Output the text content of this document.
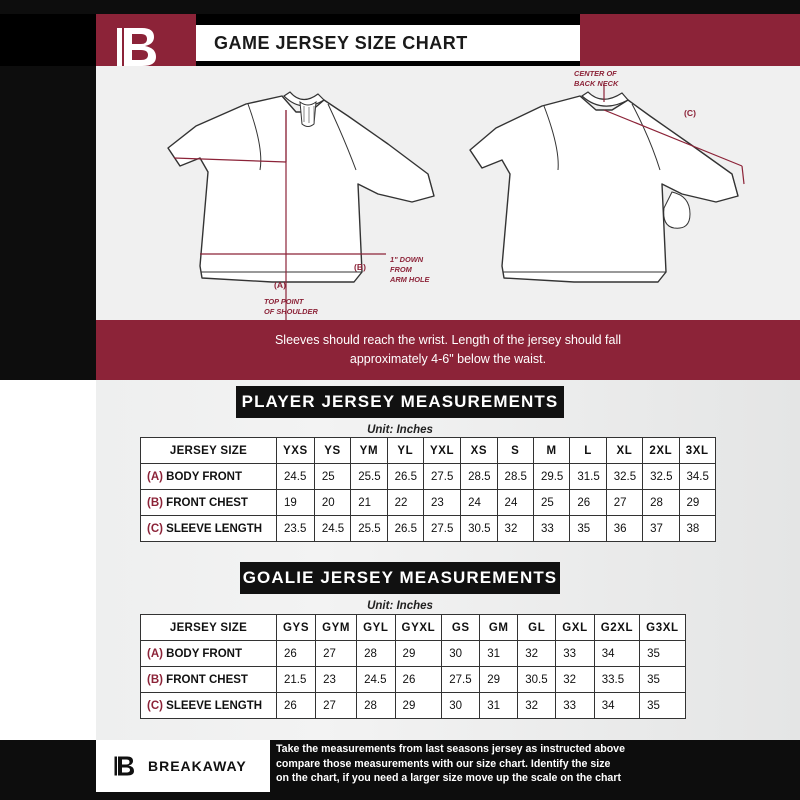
GAME JERSEY SIZE CHART
(A)
TOP POINT
OF SHOULDER
(B)
1" DOWN
FROM
ARM HOLE
CENTER OF
BACK NECK
(C)
Sleeves should reach the wrist. Length of the jersey should fall
approximately 4-6" below the waist.
PLAYER JERSEY MEASUREMENTS
Unit: Inches
JERSEY SIZE	YXS	YS	YM	YL	YXL	XS	S	M	L	XL	2XL	3XL
(A) BODY FRONT	24.5	25	25.5	26.5	27.5	28.5	28.5	29.5	31.5	32.5	32.5	34.5
(B) FRONT CHEST	19	20	21	22	23	24	24	25	26	27	28	29
(C) SLEEVE LENGTH	23.5	24.5	25.5	26.5	27.5	30.5	32	33	35	36	37	38
GOALIE JERSEY MEASUREMENTS
Unit: Inches
JERSEY SIZE	GYS	GYM	GYL	GYXL	GS	GM	GL	GXL	G2XL	G3XL
(A) BODY FRONT	26	27	28	29	30	31	32	33	34	35
(B) FRONT CHEST	21.5	23	24.5	26	27.5	29	30.5	32	33.5	35
(C) SLEEVE LENGTH	26	27	28	29	30	31	32	33	34	35
BREAKAWAY
Take the measurements from last seasons jersey as instructed above
compare those measurements with our size chart. Identify the size
on the chart, if you need a larger size move up the scale on the chart
